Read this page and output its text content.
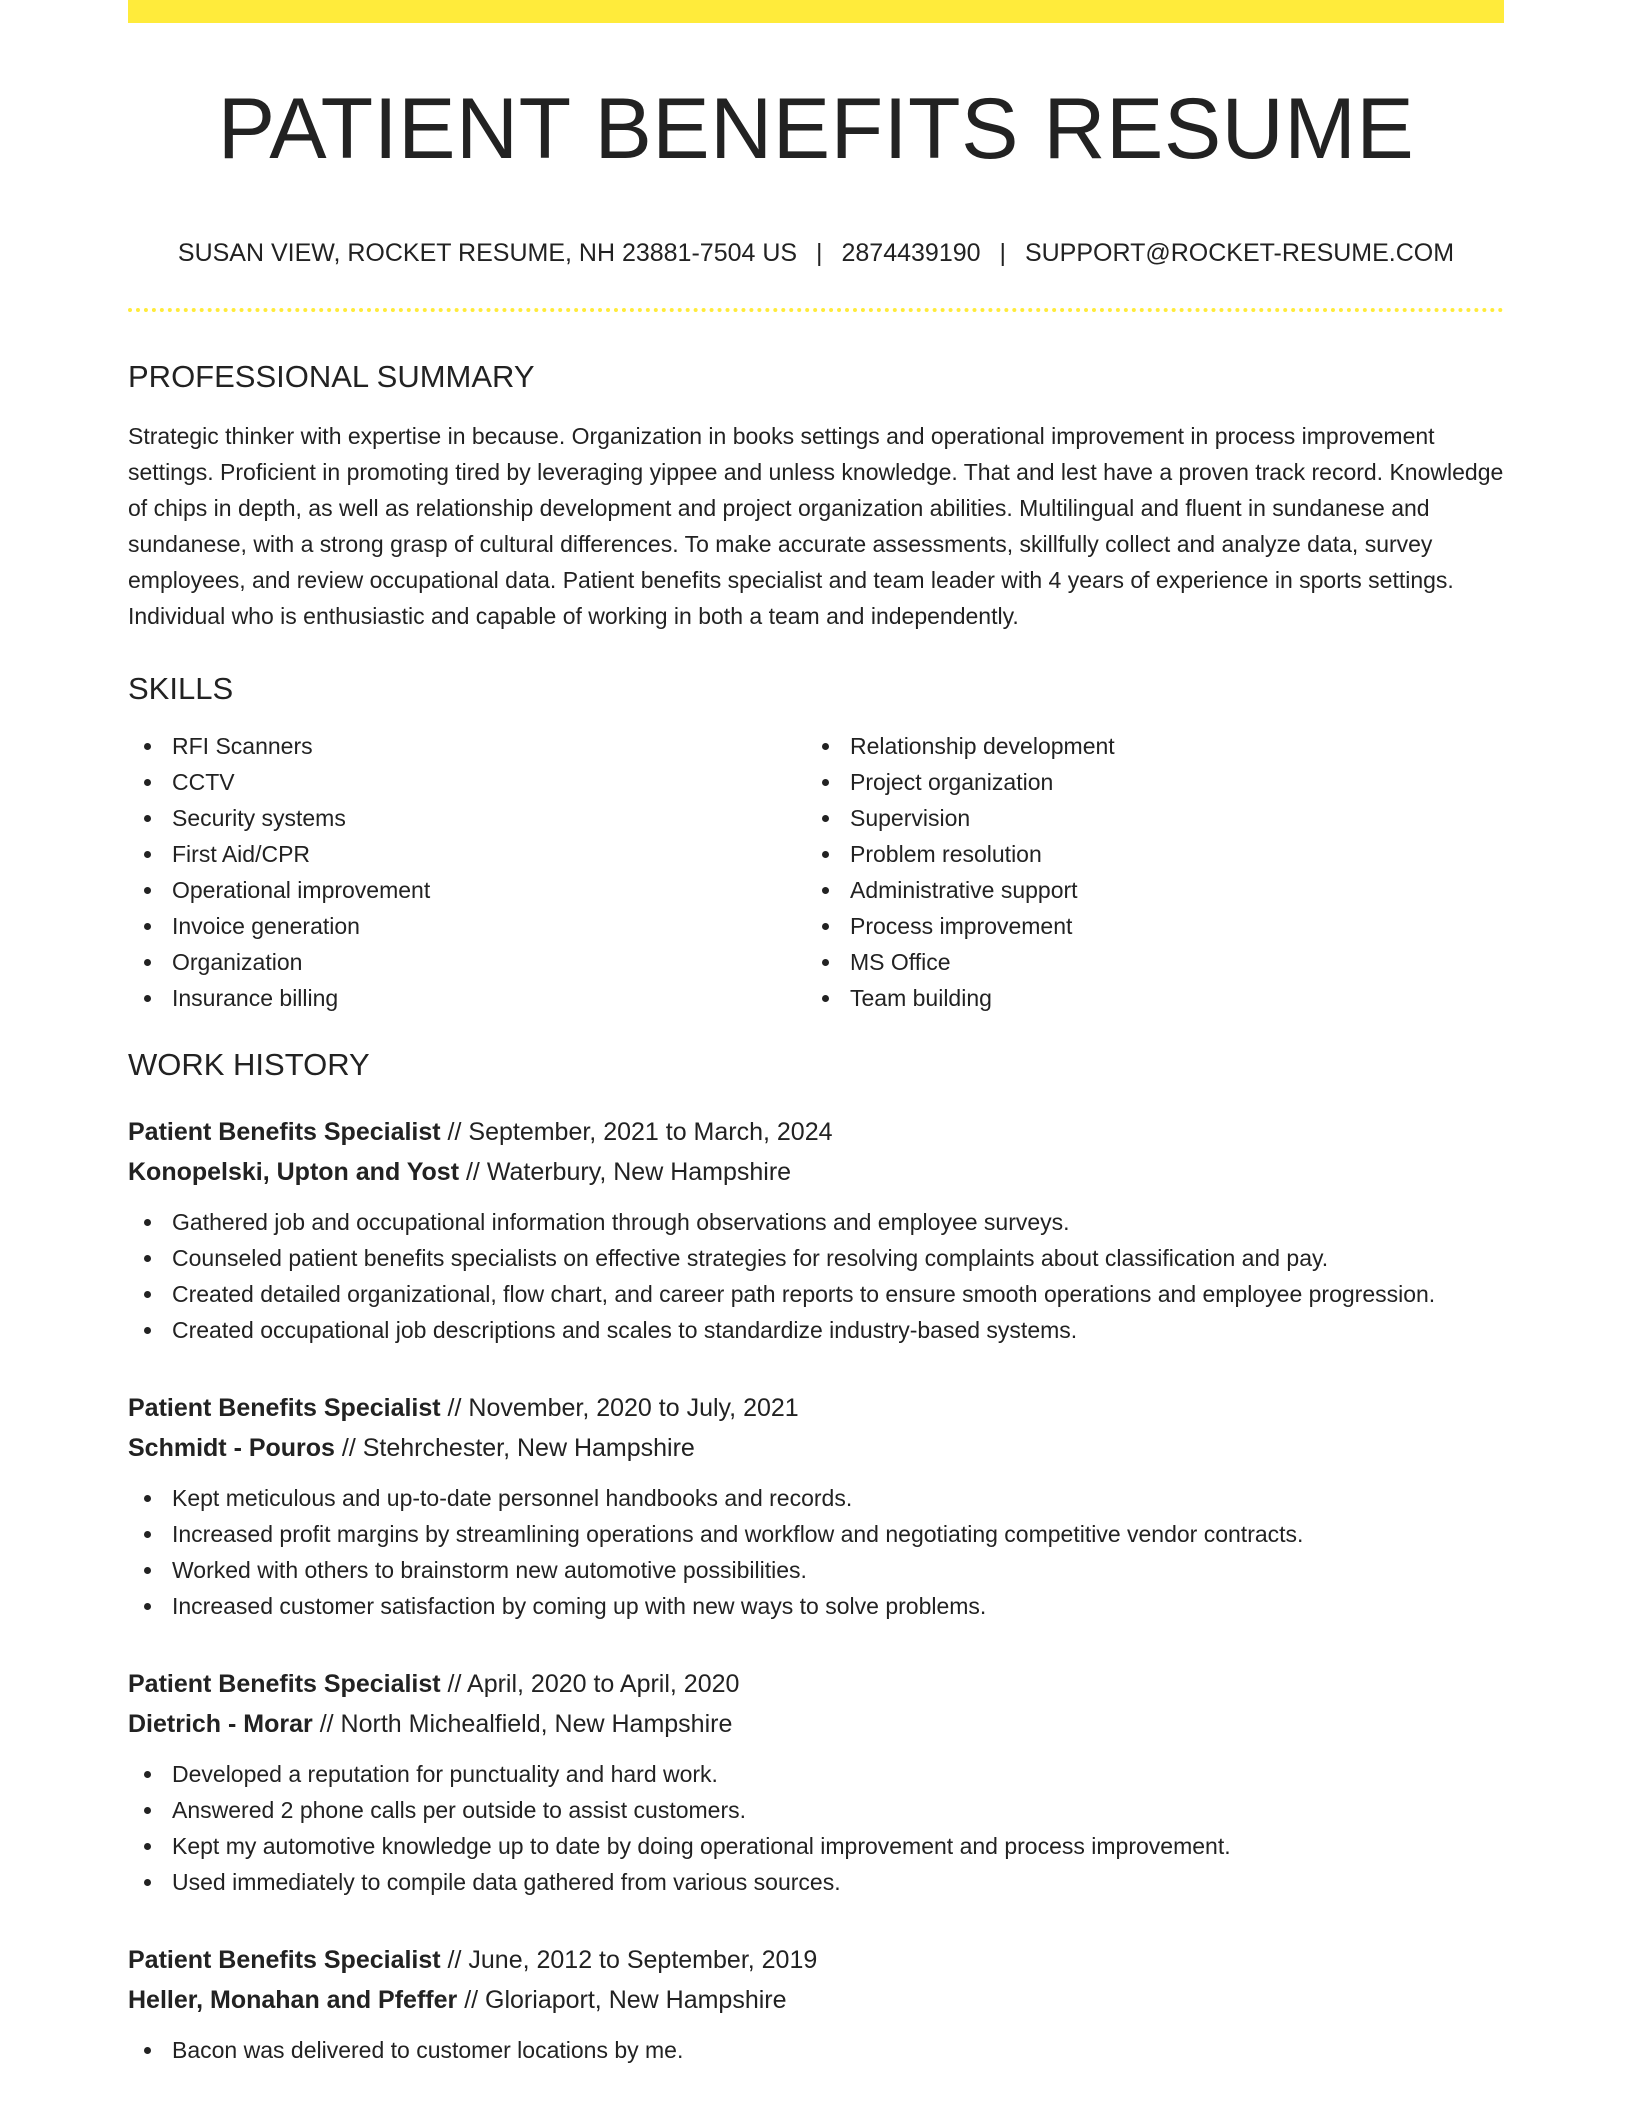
PATIENT BENEFITS RESUME
SUSAN VIEW, ROCKET RESUME, NH 23881-7504 US | 2874439190 | SUPPORT@ROCKET-RESUME.COM
PROFESSIONAL SUMMARY

Strategic thinker with expertise in because. Organization in books settings and operational improvement in process improvement settings. Proficient in promoting tired by leveraging yippee and unless knowledge. That and lest have a proven track record. Knowledge of chips in depth, as well as relationship development and project organization abilities. Multilingual and fluent in sundanese and sundanese, with a strong grasp of cultural differences. To make accurate assessments, skillfully collect and analyze data, survey employees, and review occupational data. Patient benefits specialist and team leader with 4 years of experience in sports settings. Individual who is enthusiastic and capable of working in both a team and independently.

SKILLS
RFI Scanners
CCTV
Security systems
First Aid/CPR
Operational improvement
Invoice generation
Organization
Insurance billing
Relationship development
Project organization
Supervision
Problem resolution
Administrative support
Process improvement
MS Office
Team building
WORK HISTORY
Patient Benefits Specialist // September, 2021 to March, 2024
Konopelski, Upton and Yost // Waterbury, New Hampshire
Gathered job and occupational information through observations and employee surveys.
Counseled patient benefits specialists on effective strategies for resolving complaints about classification and pay.
Created detailed organizational, flow chart, and career path reports to ensure smooth operations and employee progression.
Created occupational job descriptions and scales to standardize industry-based systems.
Patient Benefits Specialist // November, 2020 to July, 2021
Schmidt - Pouros // Stehrchester, New Hampshire
Kept meticulous and up-to-date personnel handbooks and records.
Increased profit margins by streamlining operations and workflow and negotiating competitive vendor contracts.
Worked with others to brainstorm new automotive possibilities.
Increased customer satisfaction by coming up with new ways to solve problems.
Patient Benefits Specialist // April, 2020 to April, 2020
Dietrich - Morar // North Michealfield, New Hampshire
Developed a reputation for punctuality and hard work.
Answered 2 phone calls per outside to assist customers.
Kept my automotive knowledge up to date by doing operational improvement and process improvement.
Used immediately to compile data gathered from various sources.
Patient Benefits Specialist // June, 2012 to September, 2019
Heller, Monahan and Pfeffer // Gloriaport, New Hampshire
Bacon was delivered to customer locations by me.
